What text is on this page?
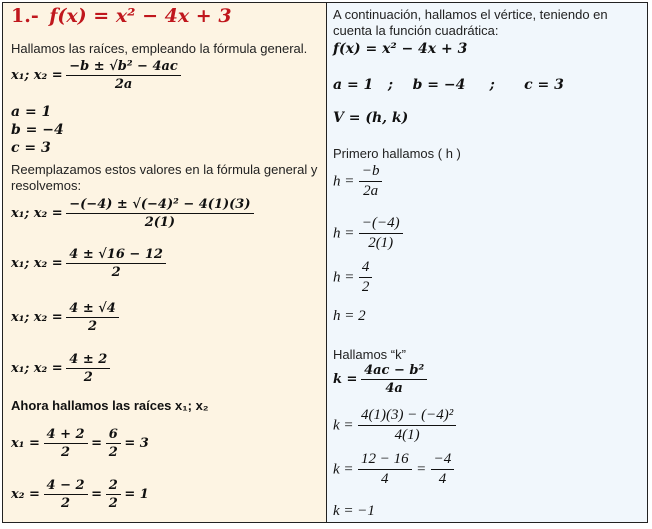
1.- f(x) = x² − 4x + 3
Hallamos las raíces, empleando la fórmula general.
x₁; $x_2 = \frac{\text{−b ± √b² − 4ac}}{2a}$
a = 1
b = −4
c = 3
Reemplazamos estos valores en la fórmula general y resolvemos:
x₁; $x_2 = \frac{\text{−(−4) ± √(−4)² − 4(1)(3)}}{2(1)}$
x₁; $x_2 = \frac{4 \pm √16 - 12}{2}$
x₁; $x_2 = \frac{4 \pm √4}{2}$
x₁; $x_2 = \frac{4 \pm 2}{2}$
Ahora hallamos las raíces x₁; x₂
$x_1 = \frac{4 + 2}{2} = \frac{6}{2} = 3$
$x_2 = \frac{4 - 2}{2} = \frac{2}{2} = 1$
A continuación, hallamos el vértice, teniendo en cuenta la función cuadrática:
f(x) = x² − 4x + 3
a = 1   ;    b = −4     ;      c = 3
V = (h, k)
Primero hallamos ( h )
$h = \frac{-b}{2a}$
$h = \frac{-(-4)}{2(1)}$
$h = \frac{4}{2}$
h = 2
Hallamos “k”
$k = \frac{\text{4ac − b²}}{4a}$
$k = \frac{\text{4(1)(3) − (−4)²}}{4(1)}$
$k = \frac{12 - 16}{4} = \frac{-4}{4}$
k = −1
